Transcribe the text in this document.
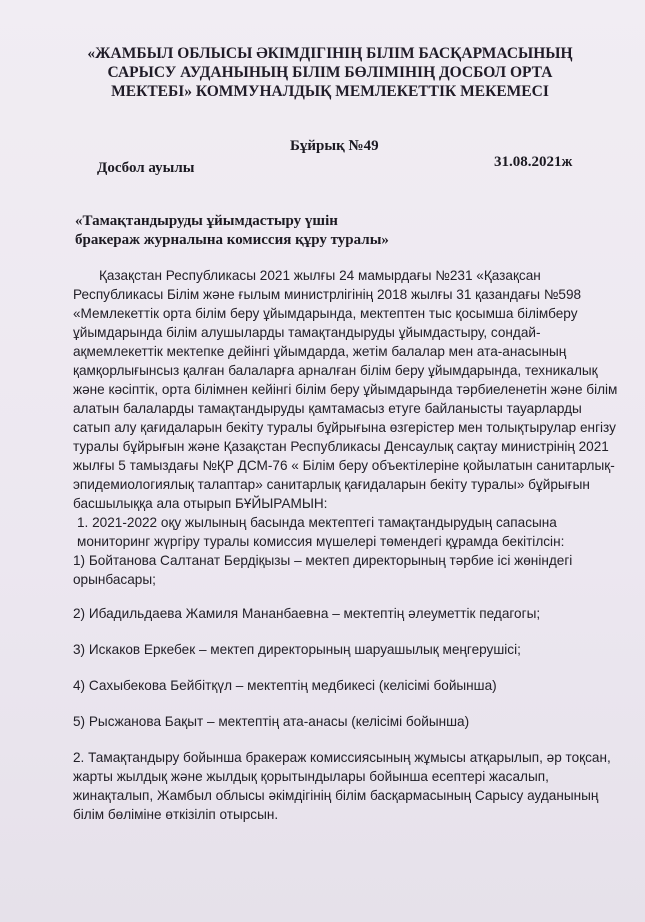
«ЖАМБЫЛ ОБЛЫСЫ ӘКІМДІГІНІҢ БІЛІМ БАСҚАРМАСЫНЫҢ
САРЫСУ АУДАНЫНЫҢ БІЛІМ БӨЛІМІНІҢ ДОСБОЛ ОРТА
МЕКТЕБІ» КОММУНАЛДЫҚ МЕМЛЕКЕТТІК МЕКЕМЕСІ
Бұйрық №49
Досбол ауылы	31.08.2021ж
«Тамақтандыруды ұйымдастыру үшін
бракераж журналына комиссия құру туралы»

Қазақстан Республикасы 2021 жылғы 24 мамырдағы №231 «Қазақсан Республикасы Білім және ғылым министрлігінің 2018 жылғы 31 қазандағы №598 «Мемлекеттік орта білім беру ұйымдарында, мектептен тыс қосымша білімберу ұйымдарында білім алушыларды тамақтандыруды ұйымдастыру, сондай-ақмемлекеттік мектепке дейінгі ұйымдарда, жетім балалар мен ата-анасының қамқорлығынсыз қалған балаларға арналған білім беру ұйымдарында, техникалық және кәсіптік, орта білімнен кейінгі білім беру ұйымдарында тәрбиеленетін және білім алатын балаларды тамақтандыруды қамтамасыз етуге байланысты тауарларды сатып алу қағидаларын бекіту туралы бұйрығына өзгерістер мен толықтырулар енгізу туралы бұйрығын және Қазақстан Республикасы Денсаулық сақтау министрінің 2021 жылғы 5 тамыздағы №ҚР ДСМ-76 « Білім беру объектілеріне қойылатын санитарлық-эпидемиологиялық талаптар» санитарлық қағидаларын бекіту туралы» бұйрығын басшылыққа ала отырып БҰЙЫРАМЫН:

1. 2021-2022 оқу жылының басында мектептегі тамақтандырудың сапасына мониторинг жүргіру туралы комиссия мүшелері төмендегі құрамда бекітілсін:

1) Бойтанова Салтанат Бердіқызы – мектеп директорының тәрбие ісі жөніндегі орынбасары;

2) Ибадильдаева Жамиля Мананбаевна – мектептің әлеуметтік педагогы;

3) Искаков Еркебек – мектеп директорының шаруашылық меңгерушісі;

4) Сахыбекова Бейбітқүл – мектептің медбикесі (келісімі бойынша)

5) Рысжанова Бақыт – мектептің ата-анасы (келісімі бойынша)

2. Тамақтандыру бойынша бракераж комиссиясының жұмысы атқарылып, әр тоқсан, жарты жылдық және жылдық қорытындылары бойынша есептері жасалып, жинақталып, Жамбыл облысы әкімдігінің білім басқармасының Сарысу ауданының білім бөліміне өткізіліп отырсын.
